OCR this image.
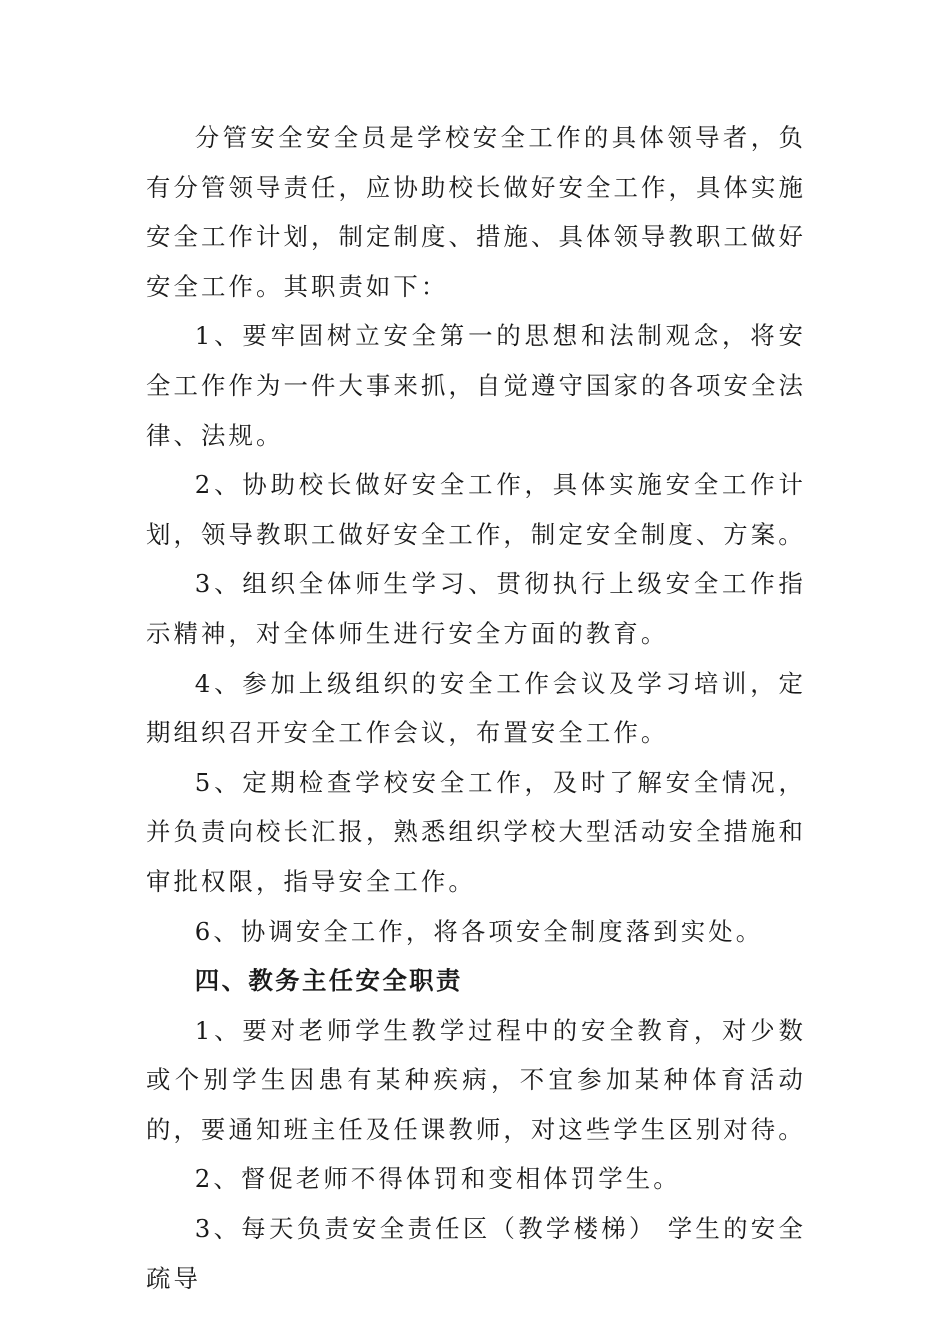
分管安全安全员是学校安全工作的具体领导者，负有分管领导责任，应协助校长做好安全工作，具体实施安全工作计划，制定制度、措施、具体领导教职工做好安全工作。其职责如下：

1、要牢固树立安全第一的思想和法制观念，将安全工作作为一件大事来抓，自觉遵守国家的各项安全法律、法规。

2、协助校长做好安全工作，具体实施安全工作计划，领导教职工做好安全工作，制定安全制度、方案。

3、组织全体师生学习、贯彻执行上级安全工作指示精神，对全体师生进行安全方面的教育。

4、参加上级组织的安全工作会议及学习培训，定期组织召开安全工作会议，布置安全工作。

5、定期检查学校安全工作，及时了解安全情况，并负责向校长汇报，熟悉组织学校大型活动安全措施和审批权限，指导安全工作。

6、协调安全工作，将各项安全制度落到实处。

四、教务主任安全职责

1、要对老师学生教学过程中的安全教育，对少数或个别学生因患有某种疾病，不宜参加某种体育活动的，要通知班主任及任课教师，对这些学生区别对待。

2、督促老师不得体罚和变相体罚学生。

3、每天负责安全责任区（教学楼梯） 学生的安全疏导
